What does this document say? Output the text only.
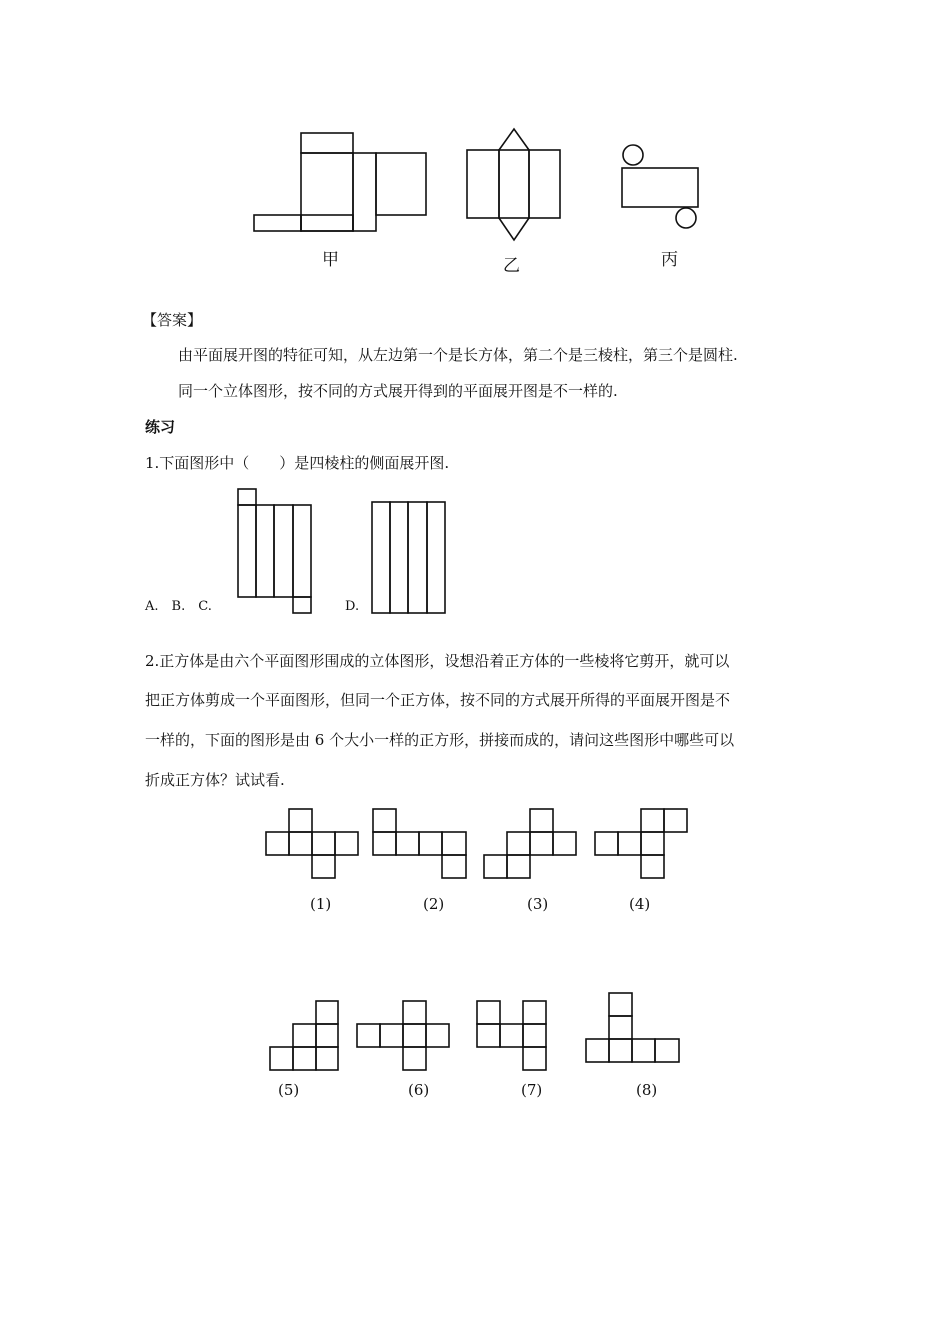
甲	乙	丙
【答案】
由平面展开图的特征可知，从左边第一个是长方体，第二个是三棱柱，第三个是圆柱.
同一个立体图形，按不同的方式展开得到的平面展开图是不一样的.
练习
1.下面图形中（　　）是四棱柱的侧面展开图.
A.　B.　C.	D.
2.正方体是由六个平面图形围成的立体图形，设想沿着正方体的一些棱将它剪开，就可以
把正方体剪成一个平面图形，但同一个正方体，按不同的方式展开所得的平面展开图是不
一样的，下面的图形是由 6 个大小一样的正方形，拼接而成的，请问这些图形中哪些可以
折成正方体？试试看.
(1)	(2)	(3)	(4)
(5)	(6)	(7)	(8)
